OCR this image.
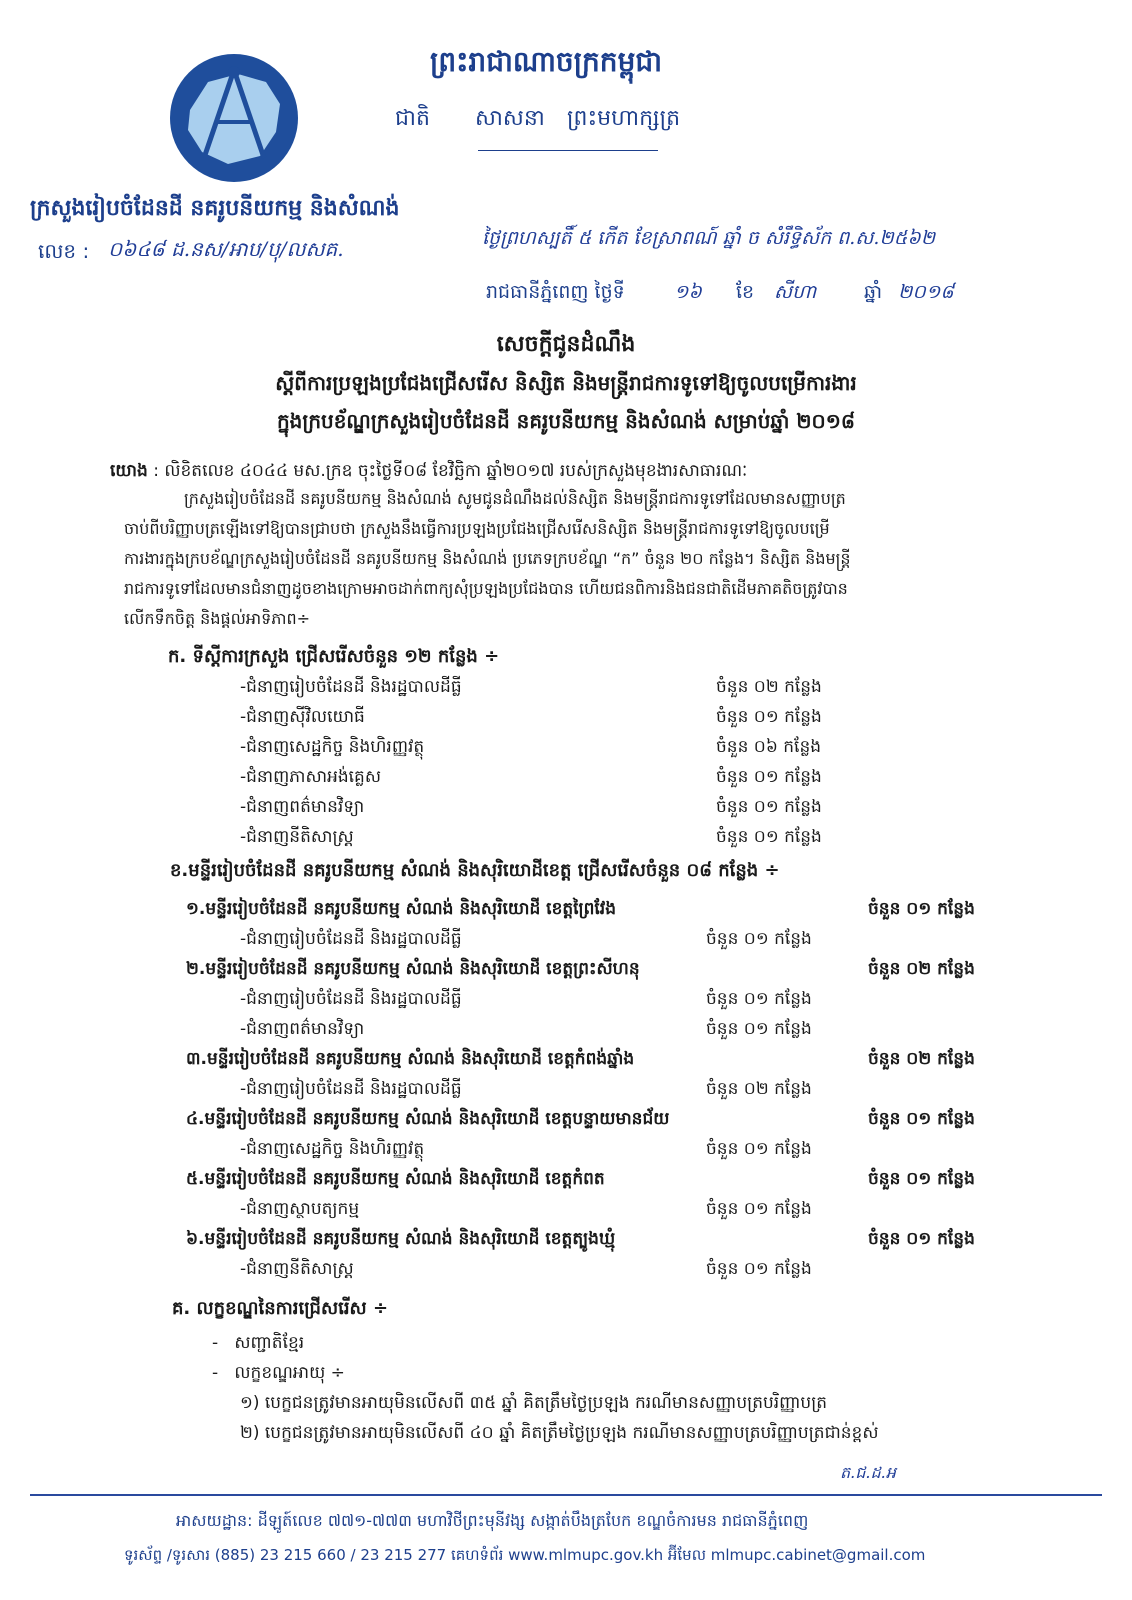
ព្រះរាជាណាចក្រកម្ពុជា
ជាតិ សាសនា ព្រះមហាក្សត្រ
ក្រសួងរៀបចំដែនដី នគរូបនីយកម្ម និងសំណង់
លេខ : ០៦៤៨ ដ.នស/អាប/បុ/លសគ.	ថ្ងៃព្រហស្បតិ៍ ៥ កើត ខែស្រាពណ៍ ឆ្នាំ ច សំរឹទ្ធិស័ក ព.ស.២៥៦២
រាជធានីភ្នំពេញ ថ្ងៃទី	១៦ ខែ សីហា	ឆ្នាំ ២០១៨
សេចក្តីជូនដំណឹង
ស្តីពីការប្រឡងប្រជែងជ្រើសរើស និស្សិត និងមន្ត្រីរាជការទូទៅឱ្យចូលបម្រើការងារ
ក្នុងក្របខ័ណ្ឌក្រសួងរៀបចំដែនដី នគរូបនីយកម្ម និងសំណង់ សម្រាប់ឆ្នាំ ២០១៨
យោង : លិខិតលេខ ៤០៤៤ មស.ក្រឧ ចុះថ្ងៃទី០៨ ខែវិច្ឆិកា ឆ្នាំ២០១៧ របស់ក្រសួងមុខងារសាធារណៈ
ក្រសួងរៀបចំដែនដី នគរូបនីយកម្ម និងសំណង់ សូមជូនដំណឹងដល់និស្សិត និងមន្ត្រីរាជការទូទៅដែលមានសញ្ញាបត្រ
ចាប់ពីបរិញ្ញាបត្រឡើងទៅឱ្យបានជ្រាបថា ក្រសួងនឹងធ្វើការប្រឡងប្រជែងជ្រើសរើសនិស្សិត និងមន្ត្រីរាជការទូទៅឱ្យចូលបម្រើ
ការងារក្នុងក្របខ័ណ្ឌក្រសួងរៀបចំដែនដី នគរូបនីយកម្ម និងសំណង់ ប្រភេទក្របខ័ណ្ឌ “ក” ចំនួន ២០ កន្លែង។ និស្សិត និងមន្ត្រី
រាជការទូទៅដែលមានជំនាញដូចខាងក្រោមអាចដាក់ពាក្យសុំប្រឡងប្រជែងបាន ហើយជនពិការនិងជនជាតិដើមភាគតិចត្រូវបាន
លើកទឹកចិត្ត និងផ្តល់អាទិភាព÷
ក. ទីស្តីការក្រសួង ជ្រើសរើសចំនួន ១២ កន្លែង ÷
-ជំនាញរៀបចំដែនដី និងរដ្ឋបាលដីធ្លី	ចំនួន ០២ កន្លែង
-ជំនាញស៊ីវិលយោធី	ចំនួន ០១ កន្លែង
-ជំនាញសេដ្ឋកិច្ច និងហិរញ្ញវត្ថុ	ចំនួន ០៦ កន្លែង
-ជំនាញភាសាអង់គ្លេស	ចំនួន ០១ កន្លែង
-ជំនាញពត៌មានវិទ្យា	ចំនួន ០១ កន្លែង
-ជំនាញនីតិសាស្ត្រ	ចំនួន ០១ កន្លែង
ខ.មន្ទីររៀបចំដែនដី នគរូបនីយកម្ម សំណង់ និងសុរិយោដីខេត្ត ជ្រើសរើសចំនួន ០៨ កន្លែង ÷
១.មន្ទីររៀបចំដែនដី នគរូបនីយកម្ម សំណង់ និងសុរិយោដី ខេត្តព្រៃវែង	ចំនួន ០១ កន្លែង
-ជំនាញរៀបចំដែនដី និងរដ្ឋបាលដីធ្លី	ចំនួន ០១ កន្លែង
២.មន្ទីររៀបចំដែនដី នគរូបនីយកម្ម សំណង់ និងសុរិយោដី ខេត្តព្រះសីហនុ	ចំនួន ០២ កន្លែង
-ជំនាញរៀបចំដែនដី និងរដ្ឋបាលដីធ្លី	ចំនួន ០១ កន្លែង
-ជំនាញពត៌មានវិទ្យា	ចំនួន ០១ កន្លែង
៣.មន្ទីររៀបចំដែនដី នគរូបនីយកម្ម សំណង់ និងសុរិយោដី ខេត្តកំពង់ឆ្នាំង	ចំនួន ០២ កន្លែង
-ជំនាញរៀបចំដែនដី និងរដ្ឋបាលដីធ្លី	ចំនួន ០២ កន្លែង
៤.មន្ទីររៀបចំដែនដី នគរូបនីយកម្ម សំណង់ និងសុរិយោដី ខេត្តបន្ទាយមានជ័យ	ចំនួន ០១ កន្លែង
-ជំនាញសេដ្ឋកិច្ច និងហិរញ្ញវត្ថុ	ចំនួន ០១ កន្លែង
៥.មន្ទីររៀបចំដែនដី នគរូបនីយកម្ម សំណង់ និងសុរិយោដី ខេត្តកំពត	ចំនួន ០១ កន្លែង
-ជំនាញស្ថាបត្យកម្ម	ចំនួន ០១ កន្លែង
៦.មន្ទីររៀបចំដែនដី នគរូបនីយកម្ម សំណង់ និងសុរិយោដី ខេត្តត្បូងឃ្មុំ	ចំនួន ០១ កន្លែង
-ជំនាញនីតិសាស្ត្រ	ចំនួន ០១ កន្លែង
គ. លក្ខខណ្ឌនៃការជ្រើសរើស ÷
-   សញ្ជាតិខ្មែរ
-   លក្ខខណ្ឌអាយុ ÷
១) បេក្ខជនត្រូវមានអាយុមិនលើសពី ៣៥ ឆ្នាំ គិតត្រឹមថ្ងៃប្រឡង ករណីមានសញ្ញាបត្របរិញ្ញាបត្រ
២) បេក្ខជនត្រូវមានអាយុមិនលើសពី ៤០ ឆ្នាំ គិតត្រឹមថ្ងៃប្រឡង ករណីមានសញ្ញាបត្របរិញ្ញាបត្រជាន់ខ្ពស់
ត.ជ.ដ.អ
អាសយដ្ឋាន: ដីឡូត៍លេខ ៧៧១-៧៧៣ មហាវិថីព្រះមុនីវង្ស សង្កាត់បឹងត្របែក ខណ្ឌចំការមន រាជធានីភ្នំពេញ
ទូរស័ព្ទ /ទូរសារ (885) 23 215 660 / 23 215 277 គេហទំព័រ www.mlmupc.gov.kh អ៊ីមែល mlmupc.cabinet@gmail.com
